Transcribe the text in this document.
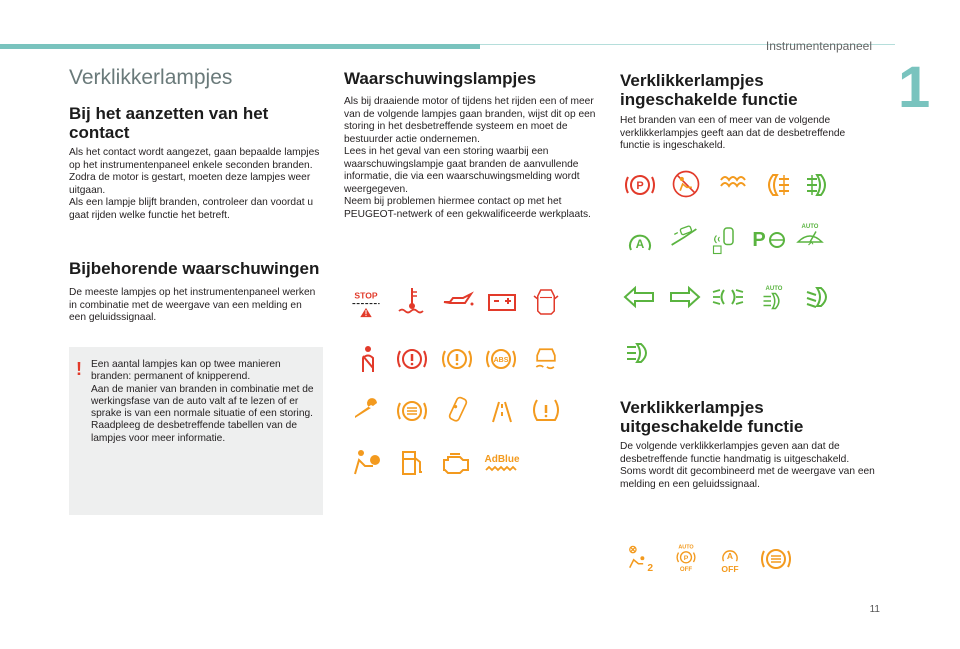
Instrumentenpaneel
1
Verklikkerlampjes
Bij het aanzetten van het contact

Als het contact wordt aangezet, gaan bepaalde lampjes op het instrumentenpaneel enkele seconden branden.
Zodra de motor is gestart, moeten deze lampjes weer uitgaan.
Als een lampje blijft branden, controleer dan voordat u gaat rijden welke functie het betreft.

Bijbehorende waarschuwingen

De meeste lampjes op het instrumentenpaneel werken in combinatie met de weergave van een melding en een geluidssignaal.

! Een aantal lampjes kan op twee manieren branden: permanent of knipperend.
Aan de manier van branden in combinatie met de werkingsfase van de auto valt af te lezen of er sprake is van een normale situatie of een storing.
Raadpleeg de desbetreffende tabellen van de lampjes voor meer informatie.
Waarschuwingslampjes

Als bij draaiende motor of tijdens het rijden een of meer van de volgende lampjes gaan branden, wijst dit op een storing in het desbetreffende systeem en moet de bestuurder actie ondernemen.
Lees in het geval van een storing waarbij een waarschuwingslampje gaat branden de aanvullende informatie, die via een waarschuwingsmelding wordt weergegeven.
Neem bij problemen hiermee contact op met het PEUGEOT-netwerk of een gekwalificeerde werkplaats.

STOP
ABS
AdBlue
Verklikkerlampjes ingeschakelde functie

Het branden van een of meer van de volgende verklikkerlampjes geeft aan dat de desbetreffende functie is ingeschakeld.

P
A	P
AUTO
AUTO
Verklikkerlampjes uitgeschakelde functie

De volgende verklikkerlampjes geven aan dat de desbetreffende functie handmatig is uitgeschakeld. Soms wordt dit gecombineerd met de weergave van een melding en een geluidssignaal.

2
AUTO
P
OFF
A
OFF
11
